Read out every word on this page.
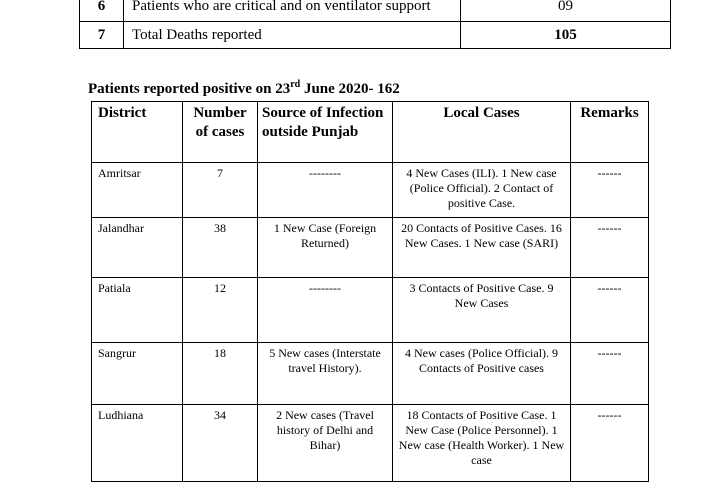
6	Patients who are critical and on ventilator support	09
7	Total Deaths reported	105

Patients reported positive on 23rd June 2020- 162

District	Number of cases	Source of Infection outside Punjab	Local Cases	Remarks
Amritsar	7	--------	4 New Cases (ILI). 1 New case (Police Official). 2 Contact of positive Case.	------
Jalandhar	38	1 New Case (Foreign Returned)	20 Contacts of Positive Cases. 16 New Cases. 1 New case (SARI)	------
Patiala	12	--------	3 Contacts of Positive Case. 9 New Cases	------
Sangrur	18	5 New cases (Interstate travel History).	4 New cases (Police Official). 9 Contacts of Positive cases	------
Ludhiana	34	2 New cases (Travel history of Delhi and Bihar)	18 Contacts of Positive Case. 1 New Case (Police Personnel). 1 New case (Health Worker). 1 New case	------
